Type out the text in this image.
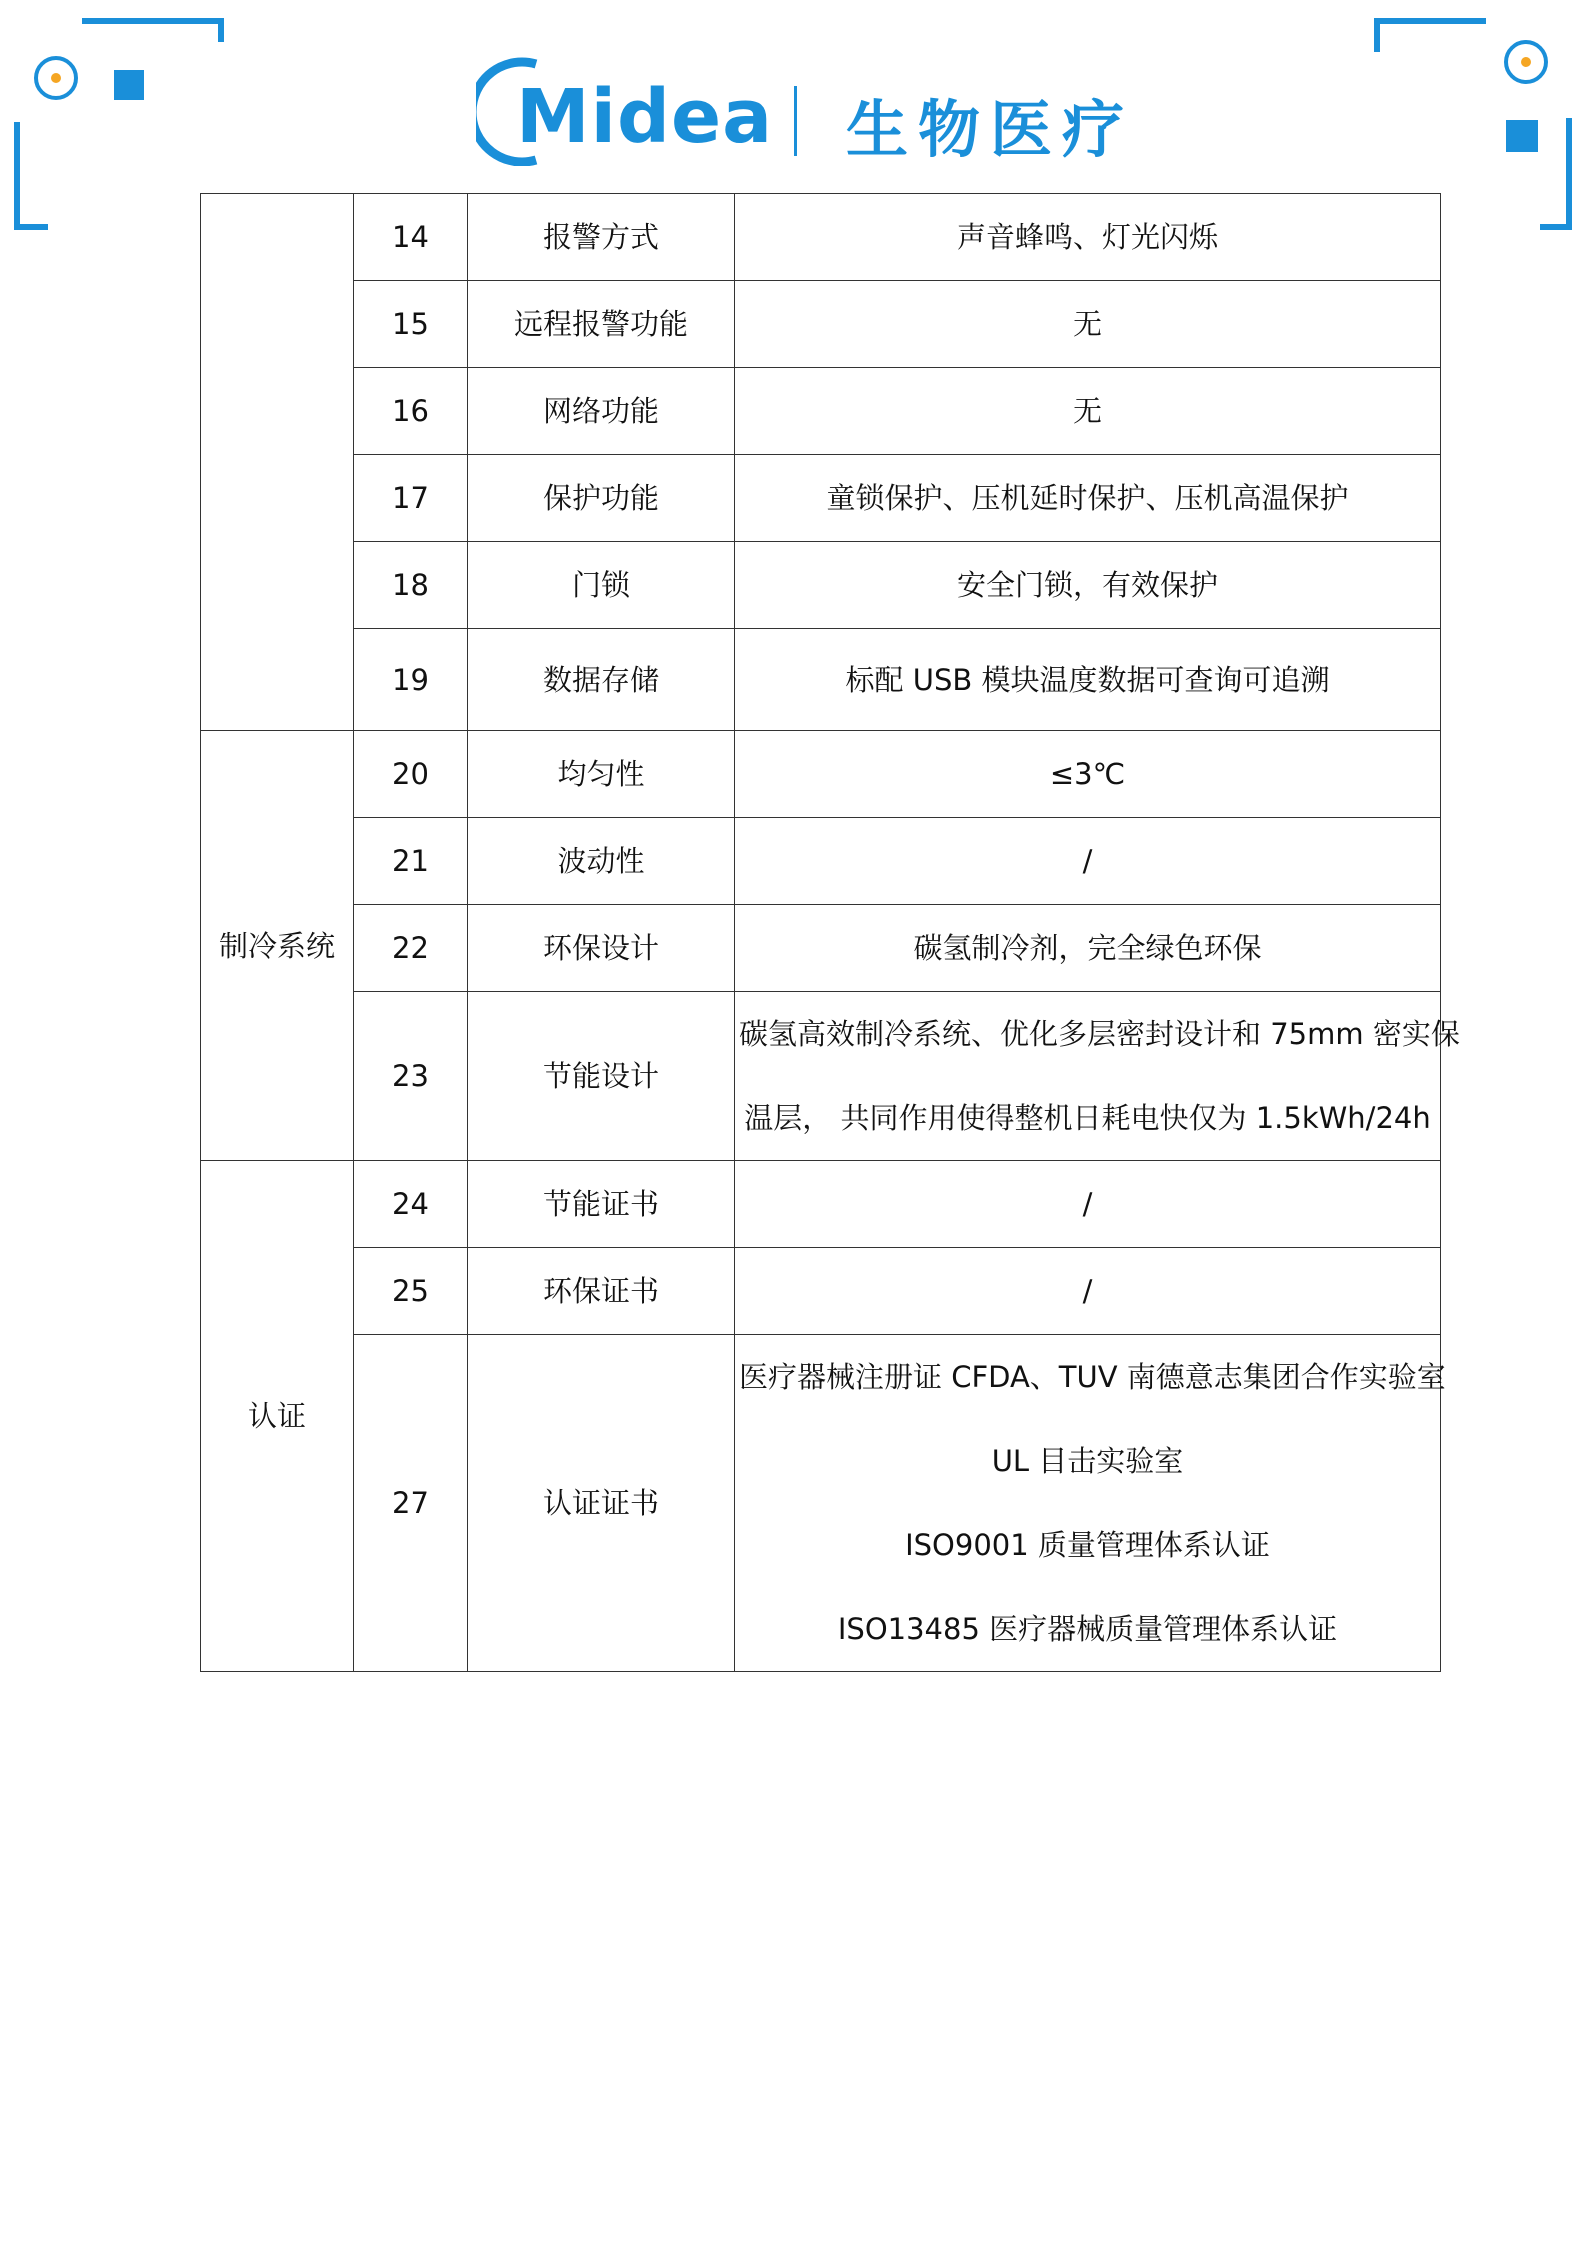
Midea 生物医疗
	14	报警方式	声音蜂鸣、灯光闪烁

	15	远程报警功能	无

	16	网络功能	无

	17	保护功能	童锁保护、压机延时保护、压机高温保护

	18	门锁	安全门锁，有效保护

	19	数据存储	标配 USB 模块温度数据可查询可追溯

制冷系统	20	均匀性	≤3℃

	21	波动性	/

	22	环保设计	碳氢制冷剂，完全绿色环保

	23	节能设计	碳氢高效制冷系统、优化多层密封设计和 75mm 密实保
温层， 共同作用使得整机日耗电快仅为 1.5kWh/24h

认证	24	节能证书	/

	25	环保证书	/

	27	认证证书	医疗器械注册证 CFDA、TUV 南德意志集团合作实验室
UL 目击实验室
ISO9001 质量管理体系认证
ISO13485 医疗器械质量管理体系认证
